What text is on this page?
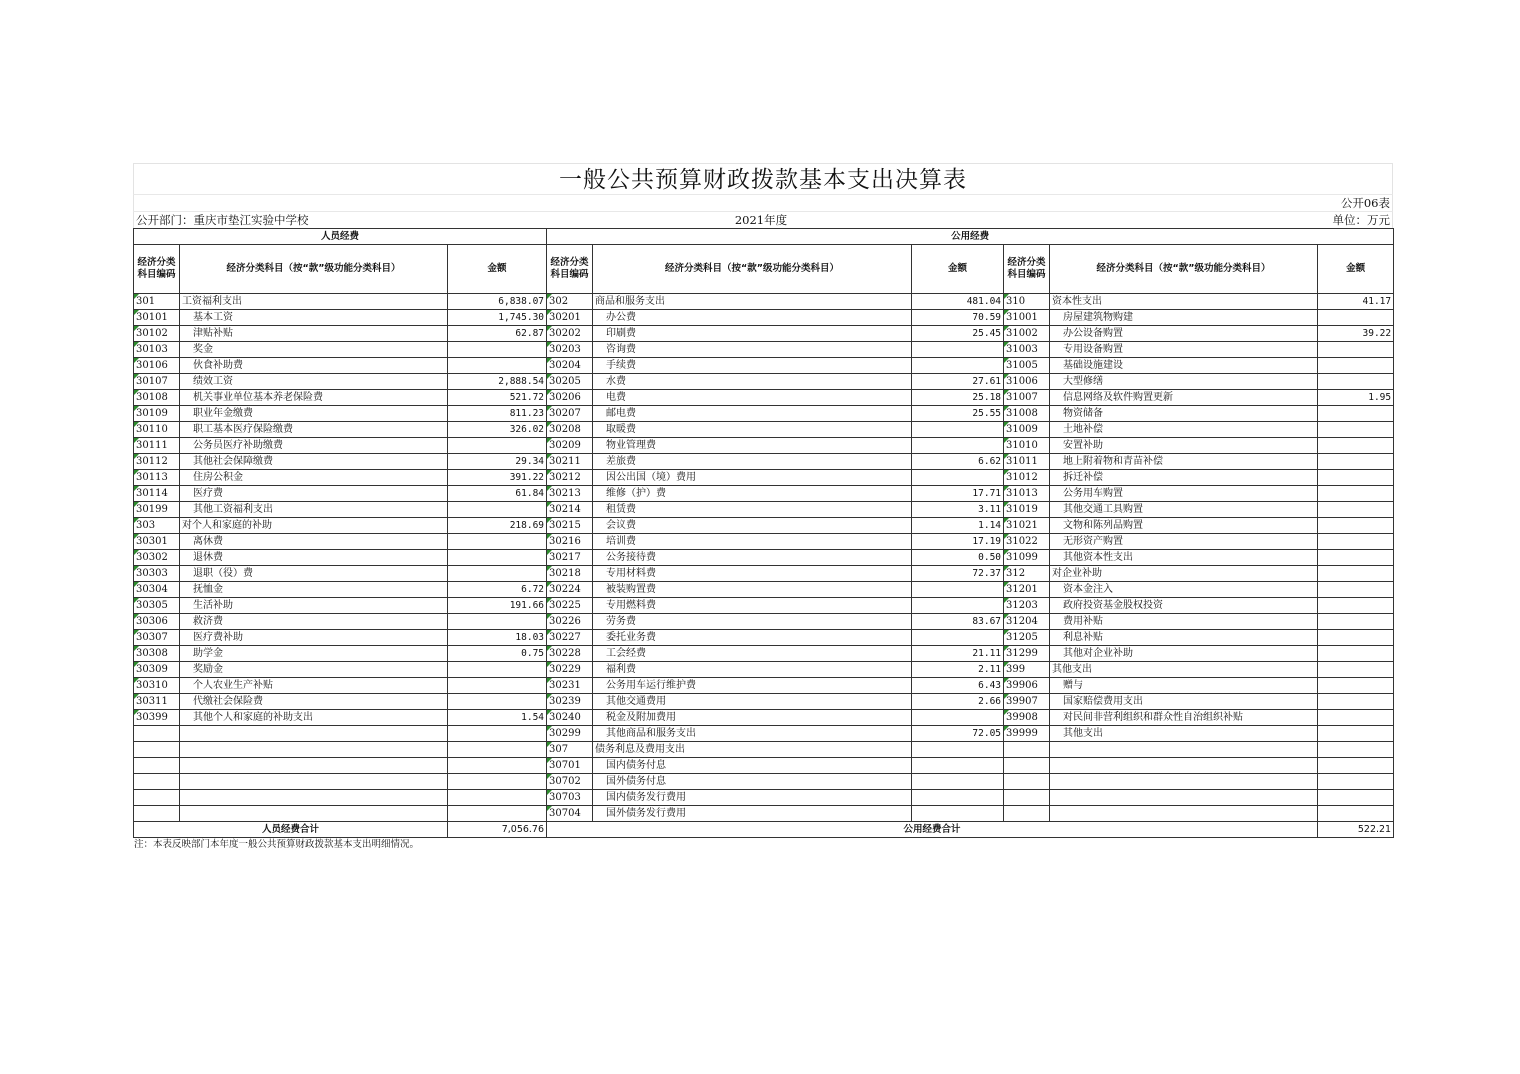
一般公共预算财政拨款基本支出决算表
公开06表
公开部门：重庆市垫江实验中学校	2021年度	单位：万元
人员经费			公用经费					
经济分类科目编码	经济分类科目（按“款”级功能分类科目）	金额	经济分类科目编码	经济分类科目（按“款”级功能分类科目）	金额	经济分类科目编码	经济分类科目（按“款”级功能分类科目）	金额
301	工资福利支出	6,838.07	302	商品和服务支出	481.04	310	资本性支出	41.17
30101	基本工资	1,745.30	30201	办公费	70.59	31001	房屋建筑物购建	
30102	津贴补贴	62.87	30202	印刷费	25.45	31002	办公设备购置	39.22
30103	奖金		30203	咨询费		31003	专用设备购置	
30106	伙食补助费		30204	手续费		31005	基础设施建设	
30107	绩效工资	2,888.54	30205	水费	27.61	31006	大型修缮	
30108	机关事业单位基本养老保险费	521.72	30206	电费	25.18	31007	信息网络及软件购置更新	1.95
30109	职业年金缴费	811.23	30207	邮电费	25.55	31008	物资储备	
30110	职工基本医疗保险缴费	326.02	30208	取暖费		31009	土地补偿	
30111	公务员医疗补助缴费		30209	物业管理费		31010	安置补助	
30112	其他社会保障缴费	29.34	30211	差旅费	6.62	31011	地上附着物和青苗补偿	
30113	住房公积金	391.22	30212	因公出国（境）费用		31012	拆迁补偿	
30114	医疗费	61.84	30213	维修（护）费	17.71	31013	公务用车购置	
30199	其他工资福利支出		30214	租赁费	3.11	31019	其他交通工具购置	
303	对个人和家庭的补助	218.69	30215	会议费	1.14	31021	文物和陈列品购置	
30301	离休费		30216	培训费	17.19	31022	无形资产购置	
30302	退休费		30217	公务接待费	0.50	31099	其他资本性支出	
30303	退职（役）费		30218	专用材料费	72.37	312	对企业补助	
30304	抚恤金	6.72	30224	被装购置费		31201	资本金注入	
30305	生活补助	191.66	30225	专用燃料费		31203	政府投资基金股权投资	
30306	救济费		30226	劳务费	83.67	31204	费用补贴	
30307	医疗费补助	18.03	30227	委托业务费		31205	利息补贴	
30308	助学金	0.75	30228	工会经费	21.11	31299	其他对企业补助	
30309	奖励金		30229	福利费	2.11	399	其他支出	
30310	个人农业生产补贴		30231	公务用车运行维护费	6.43	39906	赠与	
30311	代缴社会保险费		30239	其他交通费用	2.66	39907	国家赔偿费用支出	
30399	其他个人和家庭的补助支出	1.54	30240	税金及附加费用		39908	对民间非营利组织和群众性自治组织补贴	
			30299	其他商品和服务支出	72.05	39999	其他支出	
			307	债务利息及费用支出				
			30701	国内债务付息				
			30702	国外债务付息				
			30703	国内债务发行费用				
			30704	国外债务发行费用				
人员经费合计		7,056.76	公用经费合计					522.21
注：本表反映部门本年度一般公共预算财政拨款基本支出明细情况。
